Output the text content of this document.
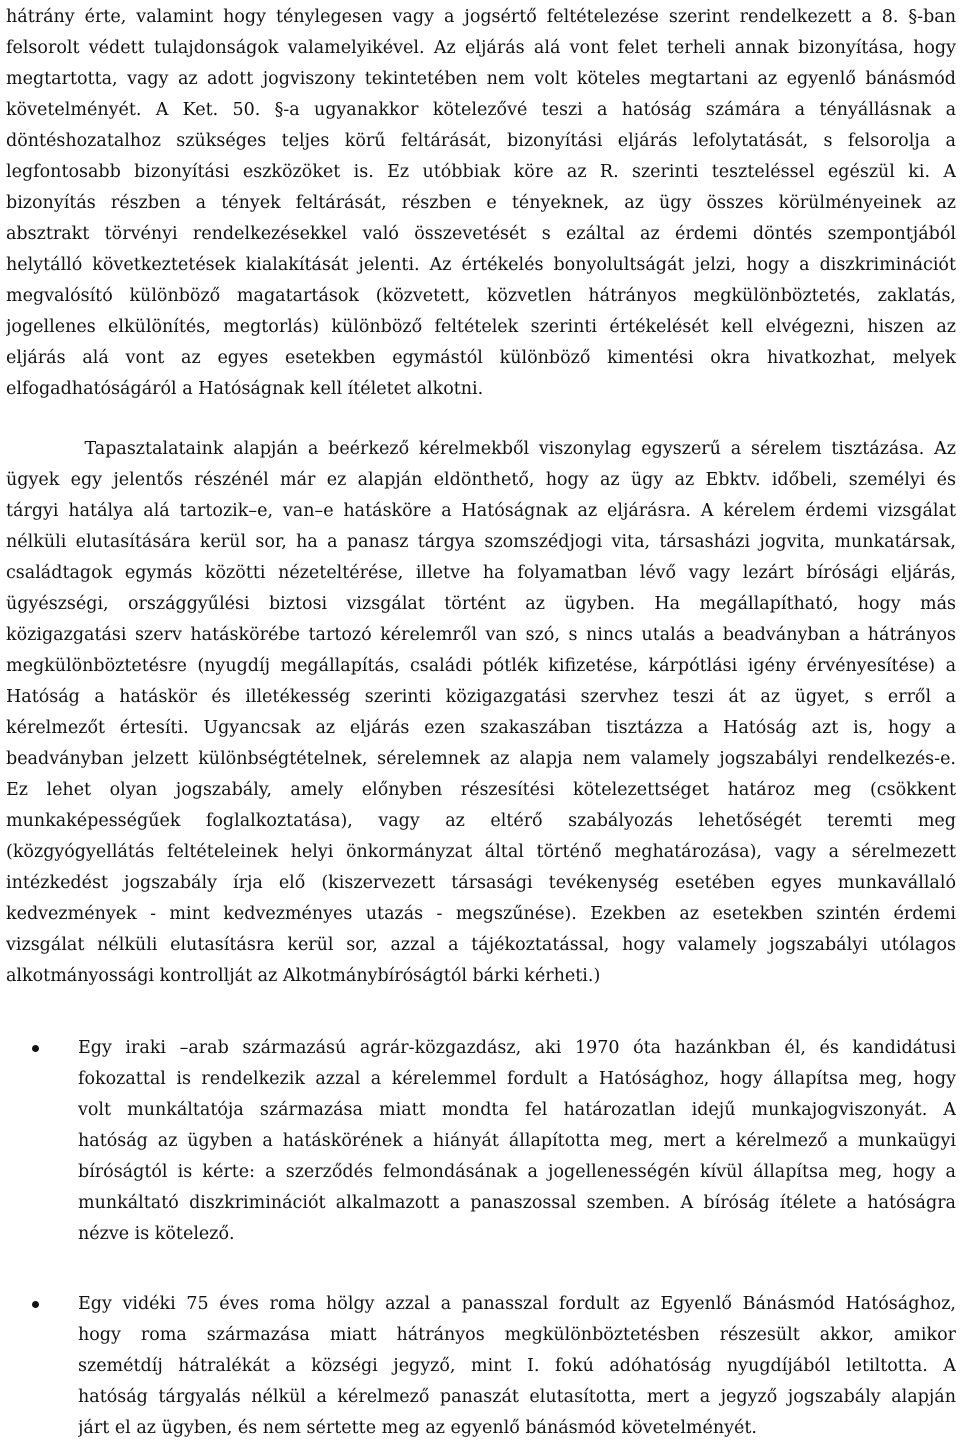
hátrány érte, valamint hogy ténylegesen vagy a jogsértő feltételezése szerint rendelkezett a 8. §-ban
felsorolt védett tulajdonságok valamelyikével. Az eljárás alá vont felet terheli annak bizonyítása, hogy
megtartotta, vagy az adott jogviszony tekintetében nem volt köteles megtartani az egyenlő bánásmód
követelményét. A Ket. 50. §-a ugyanakkor kötelezővé teszi a hatóság számára a tényállásnak a
döntéshozatalhoz szükséges teljes körű feltárását, bizonyítási eljárás lefolytatását, s felsorolja a
legfontosabb bizonyítási eszközöket is. Ez utóbbiak köre az R. szerinti teszteléssel egészül ki. A
bizonyítás részben a tények feltárását, részben e tényeknek, az ügy összes körülményeinek az
absztrakt törvényi rendelkezésekkel való összevetését s ezáltal az érdemi döntés szempontjából
helytálló következtetések kialakítását jelenti. Az értékelés bonyolultságát jelzi, hogy a diszkriminációt
megvalósító különböző magatartások (közvetett, közvetlen hátrányos megkülönböztetés, zaklatás,
jogellenes elkülönítés, megtorlás) különböző feltételek szerinti értékelését kell elvégezni, hiszen az
eljárás alá vont az egyes esetekben egymástól különböző kimentési okra hivatkozhat, melyek
elfogadhatóságáról a Hatóságnak kell ítéletet alkotni.
Tapasztalataink alapján a beérkező kérelmekből viszonylag egyszerű a sérelem tisztázása. Az
ügyek egy jelentős részénél már ez alapján eldönthető, hogy az ügy az Ebktv. időbeli, személyi és
tárgyi hatálya alá tartozik–e, van–e hatásköre a Hatóságnak az eljárásra. A kérelem érdemi vizsgálat
nélküli elutasítására kerül sor, ha a panasz tárgya szomszédjogi vita, társasházi jogvita, munkatársak,
családtagok egymás közötti nézeteltérése, illetve ha folyamatban lévő vagy lezárt bírósági eljárás,
ügyészségi, országgyűlési biztosi vizsgálat történt az ügyben. Ha megállapítható, hogy más
közigazgatási szerv hatáskörébe tartozó kérelemről van szó, s nincs utalás a beadványban a hátrányos
megkülönböztetésre (nyugdíj megállapítás, családi pótlék kifizetése, kárpótlási igény érvényesítése) a
Hatóság a hatáskör és illetékesség szerinti közigazgatási szervhez teszi át az ügyet, s erről a
kérelmezőt értesíti. Ugyancsak az eljárás ezen szakaszában tisztázza a Hatóság azt is, hogy a
beadványban jelzett különbségtételnek, sérelemnek az alapja nem valamely jogszabályi rendelkezés-e.
Ez lehet olyan jogszabály, amely előnyben részesítési kötelezettséget határoz meg (csökkent
munkaképességűek foglalkoztatása), vagy az eltérő szabályozás lehetőségét teremti meg
(közgyógyellátás feltételeinek helyi önkormányzat által történő meghatározása), vagy a sérelmezett
intézkedést jogszabály írja elő (kiszervezett társasági tevékenység esetében egyes munkavállaló
kedvezmények - mint kedvezményes utazás - megszűnése). Ezekben az esetekben szintén érdemi
vizsgálat nélküli elutasításra kerül sor, azzal a tájékoztatással, hogy valamely jogszabályi utólagos
alkotmányossági kontrollját az Alkotmánybíróságtól bárki kérheti.)
Egy iraki –arab származású agrár-közgazdász, aki 1970 óta hazánkban él, és kandidátusi
fokozattal is rendelkezik azzal a kérelemmel fordult a Hatósághoz, hogy állapítsa meg, hogy
volt munkáltatója származása miatt mondta fel határozatlan idejű munkajogviszonyát. A
hatóság az ügyben a hatáskörének a hiányát állapította meg, mert a kérelmező a munkaügyi
bíróságtól is kérte: a szerződés felmondásának a jogellenességén kívül állapítsa meg, hogy a
munkáltató diszkriminációt alkalmazott a panaszossal szemben. A bíróság ítélete a hatóságra
nézve is kötelező.
Egy vidéki 75 éves roma hölgy azzal a panasszal fordult az Egyenlő Bánásmód Hatósághoz,
hogy roma származása miatt hátrányos megkülönböztetésben részesült akkor, amikor
szemétdíj hátralékát a községi jegyző, mint I. fokú adóhatóság nyugdíjából letiltotta. A
hatóság tárgyalás nélkül a kérelmező panaszát elutasította, mert a jegyző jogszabály alapján
járt el az ügyben, és nem sértette meg az egyenlő bánásmód követelményét.
